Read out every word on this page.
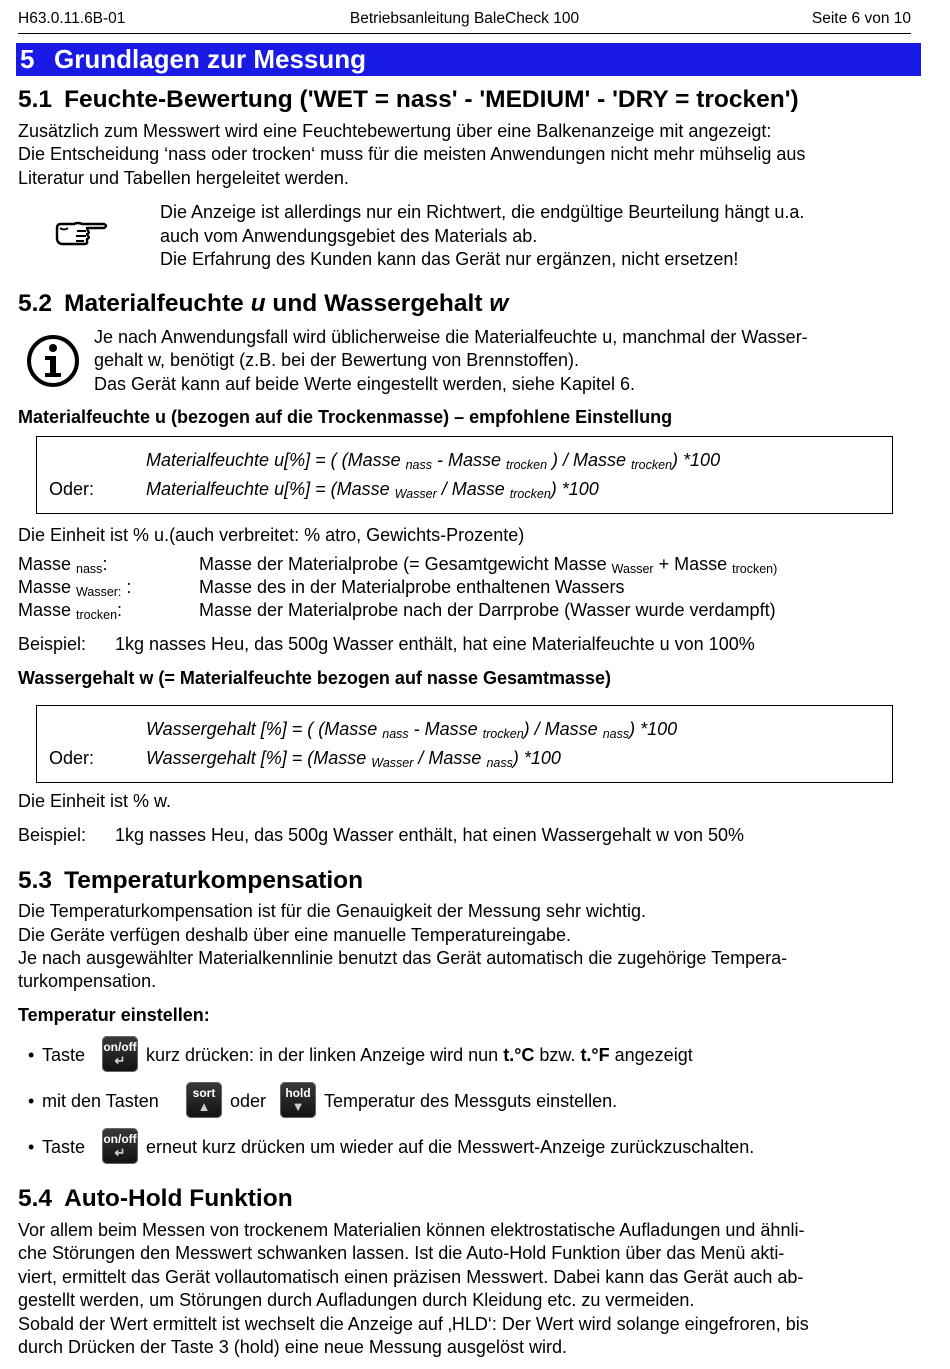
H63.0.11.6B-01	Betriebsanleitung BaleCheck 100	Seite 6 von 10
5 Grundlagen zur Messung
5.1 Feuchte-Bewertung ('WET = nass' - 'MEDIUM' - 'DRY = trocken')
Zusätzlich zum Messwert wird eine Feuchtebewertung über eine Balkenanzeige mit angezeigt:
Die Entscheidung ‘nass oder trocken‘ muss für die meisten Anwendungen nicht mehr mühselig aus
Literatur und Tabellen hergeleitet werden.
Die Anzeige ist allerdings nur ein Richtwert, die endgültige Beurteilung hängt u.a.
auch vom Anwendungsgebiet des Materials ab.
Die Erfahrung des Kunden kann das Gerät nur ergänzen, nicht ersetzen!
5.2 Materialfeuchte u und Wassergehalt w
Je nach Anwendungsfall wird üblicherweise die Materialfeuchte u, manchmal der Wasser-
gehalt w, benötigt (z.B. bei der Bewertung von Brennstoffen).
Das Gerät kann auf beide Werte eingestellt werden, siehe Kapitel 6.
Materialfeuchte u (bezogen auf die Trockenmasse) – empfohlene Einstellung
Materialfeuchte u[%] = ( (Masse $_{nass}$ - Masse $_{trocken}$ ) / Masse $_{trocken}$) *100
Oder:	Materialfeuchte u[%] = (Masse $_{Wasser}$ / Masse $_{trocken}$) *100
Die Einheit ist % u.(auch verbreitet: % atro, Gewichts-Prozente)
Masse $_{nass}$:	Masse der Materialprobe (= Gesamtgewicht Masse $_{Wasser}$ + Masse $_{trocken)}$
Masse $_{Wasser:}$ :	Masse des in der Materialprobe enthaltenen Wassers
Masse $_{trocken}$:	Masse der Materialprobe nach der Darrprobe (Wasser wurde verdampft)
Beispiel: 1kg nasses Heu, das 500g Wasser enthält, hat eine Materialfeuchte u von 100%
Wassergehalt w (= Materialfeuchte bezogen auf nasse Gesamtmasse)
Wassergehalt [%] = ( (Masse $_{nass}$ - Masse $_{trocken}$) / Masse $_{nass}$) *100
Oder:	Wassergehalt [%] = (Masse $_{Wasser}$ / Masse $_{nass}$) *100
Die Einheit ist % w.
Beispiel: 1kg nasses Heu, das 500g Wasser enthält, hat einen Wassergehalt w von 50%
5.3 Temperaturkompensation
Die Temperaturkompensation ist für die Genauigkeit der Messung sehr wichtig.
Die Geräte verfügen deshalb über eine manuelle Temperatureingabe.
Je nach ausgewählter Materialkennlinie benutzt das Gerät automatisch die zugehörige Tempera-
turkompensation.
Temperatur einstellen:
• Taste on/off
↵	kurz drücken: in der linken Anzeige wird nun t.°C bzw. t.°F angezeigt
• mit den Tasten	sort
▲	oder	hold
▼	Temperatur des Messguts einstellen.
• Taste on/off
↵	erneut kurz drücken um wieder auf die Messwert-Anzeige zurückzuschalten.
5.4 Auto-Hold Funktion
Vor allem beim Messen von trockenem Materialien können elektrostatische Aufladungen und ähnli-
che Störungen den Messwert schwanken lassen. Ist die Auto-Hold Funktion über das Menü akti-
viert, ermittelt das Gerät vollautomatisch einen präzisen Messwert. Dabei kann das Gerät auch ab-
gestellt werden, um Störungen durch Aufladungen durch Kleidung etc. zu vermeiden.
Sobald der Wert ermittelt ist wechselt die Anzeige auf ‚HLD‘: Der Wert wird solange eingefroren, bis
durch Drücken der Taste 3 (hold) eine neue Messung ausgelöst wird.
